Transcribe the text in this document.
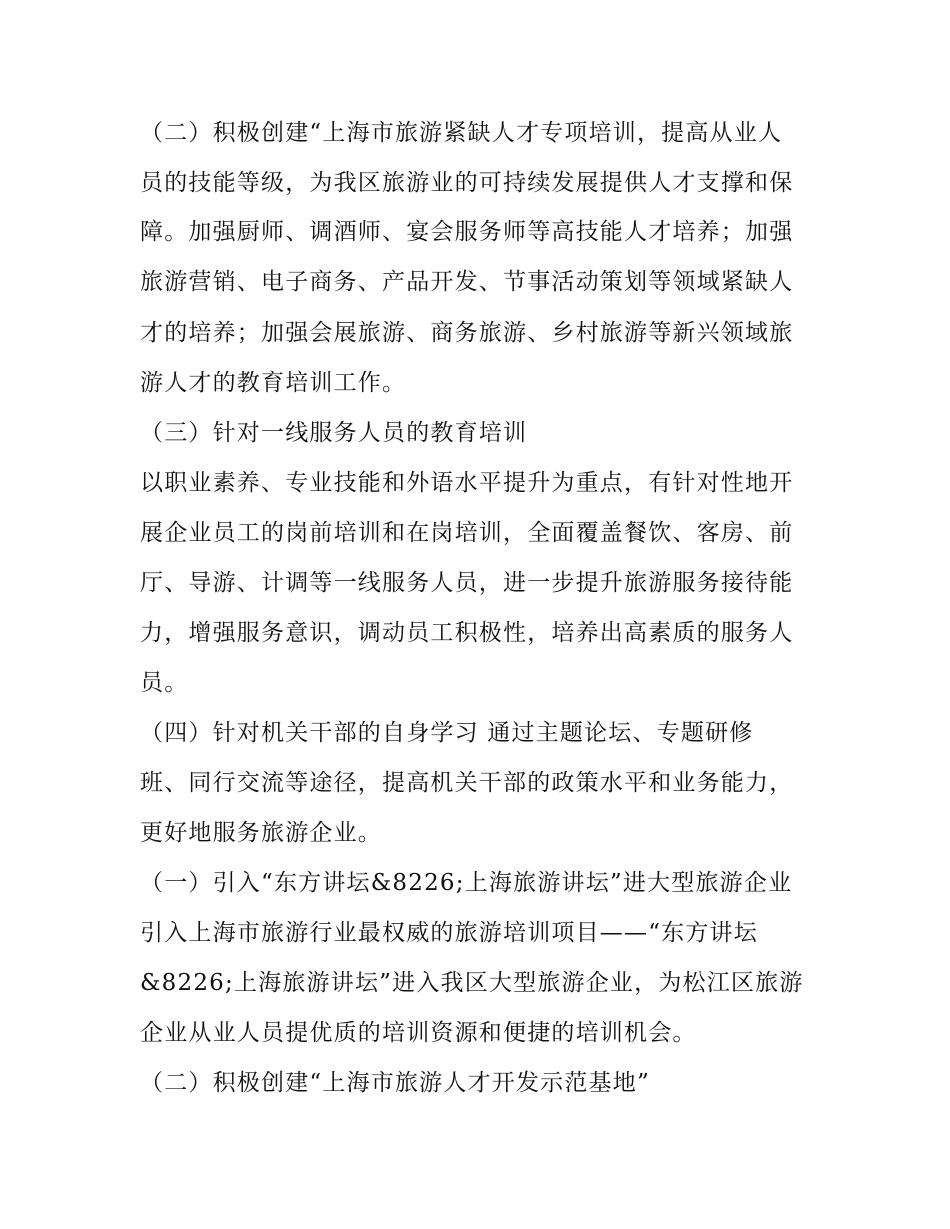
（二）积极创建“上海市旅游紧缺人才专项培训，提高从业人
员的技能等级，为我区旅游业的可持续发展提供人才支撑和保
障。加强厨师、调酒师、宴会服务师等高技能人才培养；加强
旅游营销、电子商务、产品开发、节事活动策划等领域紧缺人
才的培养；加强会展旅游、商务旅游、乡村旅游等新兴领域旅
游人才的教育培训工作。
（三）针对一线服务人员的教育培训
以职业素养、专业技能和外语水平提升为重点，有针对性地开
展企业员工的岗前培训和在岗培训，全面覆盖餐饮、客房、前
厅、导游、计调等一线服务人员，进一步提升旅游服务接待能
力，增强服务意识，调动员工积极性，培养出高素质的服务人
员。
（四）针对机关干部的自身学习 通过主题论坛、专题研修
班、同行交流等途径，提高机关干部的政策水平和业务能力，
更好地服务旅游企业。
（一）引入“东方讲坛&8226;上海旅游讲坛”进大型旅游企业
引入上海市旅游行业最权威的旅游培训项目——“东方讲坛
&8226;上海旅游讲坛”进入我区大型旅游企业，为松江区旅游
企业从业人员提优质的培训资源和便捷的培训机会。
（二）积极创建“上海市旅游人才开发示范基地”
